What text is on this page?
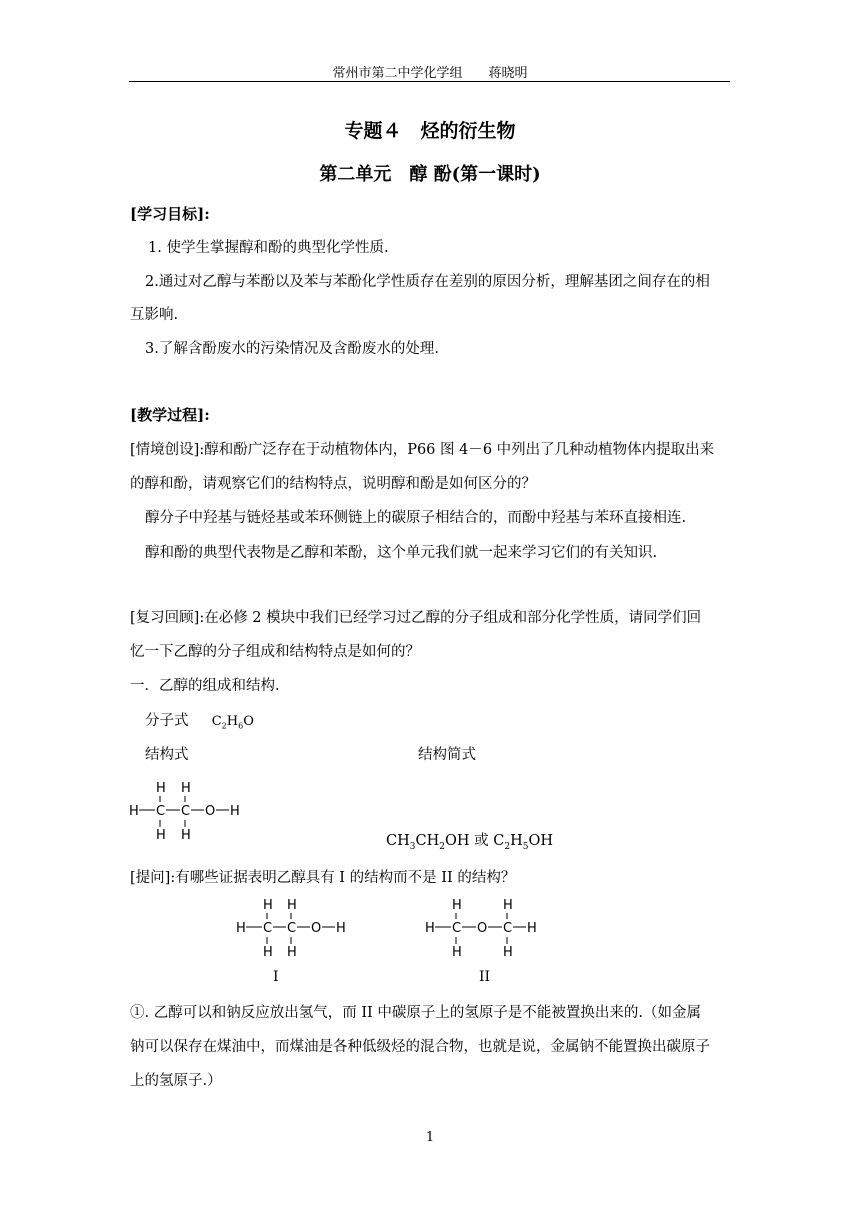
常州市第二中学化学组　　蒋晓明
专题４　烃的衍生物
第二单元　醇 酚(第一课时)
[学习目标]:
1. 使学生掌握醇和酚的典型化学性质.
2.通过对乙醇与苯酚以及苯与苯酚化学性质存在差别的原因分析，理解基团之间存在的相
互影响.
3.了解含酚废水的污染情况及含酚废水的处理.
[教学过程]:
[情境创设]:醇和酚广泛存在于动植物体内，P66 图 4－6 中列出了几种动植物体内提取出来
的醇和酚，请观察它们的结构特点，说明醇和酚是如何区分的？
醇分子中羟基与链烃基或苯环侧链上的碳原子相结合的，而酚中羟基与苯环直接相连.
醇和酚的典型代表物是乙醇和苯酚，这个单元我们就一起来学习它们的有关知识.
[复习回顾]:在必修 2 模块中我们已经学习过乙醇的分子组成和部分化学性质，请同学们回
忆一下乙醇的分子组成和结构特点是如何的？
一．乙醇的组成和结构.
分子式 $C_2H_6O$
结构式	结构简式
H H
H C C O H
H H	$CH_3CH_2OH$ 或 $C_2H_5OH$
[提问]:有哪些证据表明乙醇具有 I 的结构而不是 II 的结构？
H H
H C C O H
H H
H	H
H C O C H
H	H
I	II
①. 乙醇可以和钠反应放出氢气，而 II 中碳原子上的氢原子是不能被置换出来的.（如金属
钠可以保存在煤油中，而煤油是各种低级烃的混合物，也就是说，金属钠不能置换出碳原子
上的氢原子.）
1
